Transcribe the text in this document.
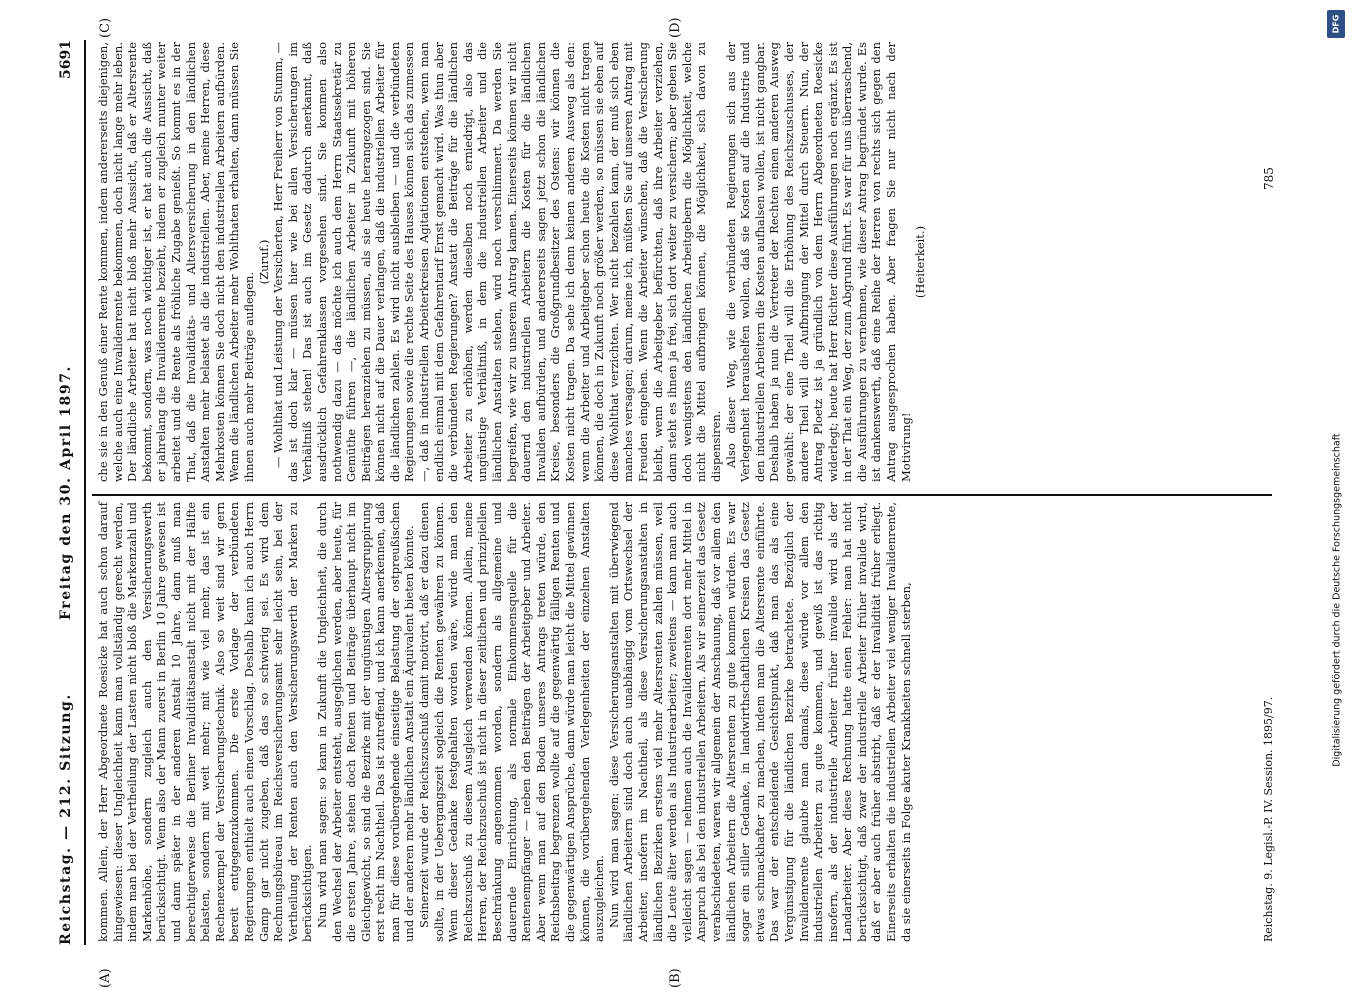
Reichstag. — 212. Sitzung.
Freitag den 30. April 1897.
5691
(A)	(B)
(C)	(D)

kommen. Allein, der Herr Abgeordnete Roesicke hat auch schon darauf hingewiesen: dieser Ungleichheit kann man vollständig gerecht werden, indem man bei der Vertheilung der Lasten nicht bloß die Markenzahl und Markenhöhe, sondern zugleich auch den Versicherungswerth berücksichtigt. Wenn also der Mann zuerst in Berlin 10 Jahre gewesen ist und dann später in der anderen Anstalt 10 Jahre, dann muß man berechtigterweise die Berliner Invaliditätsanstalt nicht mit der Hälfte belasten, sondern mit weit mehr; mit wie viel mehr, das ist ein Rechenexempel der Versicherungstechnik. Also so weit sind wir gern bereit entgegenzukommen. Die erste Vorlage der verbündeten Regierungen enthielt auch einen Vorschlag. Deshalb kann ich auch Herrn Gamp gar nicht zugeben, daß das so schwierig sei. Es wird dem Rechnungsbüreau im Reichsversicherungsamt sehr leicht sein, bei der Vertheilung der Renten auch den Versicherungswerth der Marken zu berücksichtigen. Nun wird man sagen: so kann in Zukunft die Ungleichheit, die durch den Wechsel der Arbeiter entsteht, ausgeglichen werden, aber heute, für die ersten Jahre, stehen doch Renten und Beiträge überhaupt nicht im Gleichgewicht, so sind die Bezirke mit der ungünstigen Altersgruppirung erst recht im Nachtheil. Das ist zutreffend, und ich kann anerkennen, daß man für diese vorübergehende einseitige Belastung der ostpreußischen und der anderen mehr ländlichen Anstalt ein Äquivalent bieten könnte. Seinerzeit wurde der Reichszuschuß damit motivirt, daß er dazu dienen sollte, in der Uebergangszeit sogleich die Renten gewähren zu können. Wenn dieser Gedanke festgehalten worden wäre, würde man den Reichszuschuß zu diesem Ausgleich verwenden können. Allein, meine Herren, der Reichszuschuß ist nicht in dieser zeitlichen und prinzipiellen Beschränkung angenommen worden, sondern als allgemeine und dauernde Einrichtung, als normale Einkommensquelle für die Rentenempfänger — neben den Beiträgen der Arbeitgeber und Arbeiter. Aber wenn man auf den Boden unseres Antrags treten würde, den Reichsbeitrag begrenzen wollte auf die gegenwärtig fälligen Renten und die gegenwärtigen Ansprüche, dann würde man leicht die Mittel gewinnen können, die vorübergehenden Verlegenheiten der einzelnen Anstalten auszugleichen. Nun wird man sagen: diese Versicherungsanstalten mit überwiegend ländlichen Arbeitern sind doch auch unabhängig vom Ortswechsel der Arbeiter, insofern im Nachtheil, als diese Versicherungsanstalten in ländlichen Bezirken erstens viel mehr Altersrenten zahlen müssen, weil die Leute älter werden als Industriearbeiter; zweitens — kann man auch vielleicht sagen — nehmen auch die Invalidenrenten dort mehr Mittel in Anspruch als bei den industriellen Arbeitern. Als wir seinerzeit das Gesetz verabschiedeten, waren wir allgemein der Anschauung, daß vor allem den ländlichen Arbeitern die Altersrenten zu gute kommen würden. Es war sogar ein stiller Gedanke, in landwirthschaftlichen Kreisen das Gesetz etwas schmackhafter zu machen, indem man die Altersrente einführte. Das war der entscheidende Gesichtspunkt, daß man das als eine Vergünstigung für die ländlichen Bezirke betrachtete. Bezüglich der Invalidenrente glaubte man damals, diese würde vor allem den industriellen Arbeitern zu gute kommen, und gewiß ist das richtig insofern, als der industrielle Arbeiter früher invalide wird als der Landarbeiter. Aber diese Rechnung hatte einen Fehler: man hat nicht berücksichtigt, daß zwar der industrielle Arbeiter früher invalide wird, daß er aber auch früher abstirbt, daß er der Invalidität früher erliegt. Einerseits erhalten die industriellen Arbeiter viel weniger Invalidenrente, da sie einerseits in Folge akuter Krankheiten schnell sterben,

che sie in den Genuß einer Rente kommen, indem andererseits diejenigen, welche auch eine Invalidenrente bekommen, doch nicht lange mehr leben. Der ländliche Arbeiter hat nicht bloß mehr Aussicht, daß er Altersrente bekommt, sondern, was noch wichtiger ist, er hat auch die Aussicht, daß er jahrelang die Invalidenrente bezieht, indem er zugleich munter weiter arbeitet und die Rente als fröhliche Zugabe genießt. So kommt es in der That, daß die Invaliditäts- und Altersversicherung in den ländlichen Anstalten mehr belastet als die industriellen. Aber, meine Herren, diese Mehrkosten können Sie doch nicht den industriellen Arbeitern aufbürden. Wenn die ländlichen Arbeiter mehr Wohlthaten erhalten, dann müssen Sie ihnen auch mehr Beiträge auflegen.

(Zuruf.) — Wohlthat und Leistung der Versicherten, Herr Freiherr von Stumm, — das ist doch klar — müssen hier wie bei allen Versicherungen im Verhältniß stehen! Das ist auch im Gesetz dadurch anerkannt, daß ausdrücklich Gefahrenklassen vorgesehen sind. Sie kommen also nothwendig dazu — das möchte ich auch dem Herrn Staatssekretär zu Gemüthe führen —, die ländlichen Arbeiter in Zukunft mit höheren Beiträgen heranziehen zu müssen, als sie heute herangezogen sind. Sie können nicht auf die Dauer verlangen, daß die industriellen Arbeiter für die ländlichen zahlen. Es wird nicht ausbleiben — und die verbündeten Regierungen sowie die rechte Seite des Hauses können sich das zumessen —, daß in industriellen Arbeiterkreisen Agitationen entstehen, wenn man endlich einmal mit dem Gefahrentarif Ernst gemacht wird. Was thun aber die verbündeten Regierungen? Anstatt die Beiträge für die ländlichen Arbeiter zu erhöhen, werden dieselben noch erniedrigt, also das ungünstige Verhältniß, in dem die industriellen Arbeiter und die ländlichen Anstalten stehen, wird noch verschlimmert. Da werden Sie begreifen, wie wir zu unserem Antrag kamen. Einerseits können wir nicht dauernd den industriellen Arbeitern die Kosten für die ländlichen Invaliden aufbürden, und andererseits sagen jetzt schon die ländlichen Kreise, besonders die Großgrundbesitzer des Ostens: wir können die Kosten nicht tragen. Da sehe ich denn keinen anderen Ausweg als den: wenn die Arbeiter und Arbeitgeber schon heute die Kosten nicht tragen können, die doch in Zukunft noch größer werden, so müssen sie eben auf diese Wohlthat verzichten. Wer nicht bezahlen kann, der muß sich eben manches versagen; darum, meine ich, müßten Sie auf unseren Antrag mit Freuden eingehen. Wenn die Arbeiter wünschen, daß die Versicherung bleibt, wenn die Arbeitgeber befürchten, daß ihre Arbeiter verziehen, dann steht es ihnen ja frei, sich dort weiter zu versichern; aber geben Sie doch wenigstens den ländlichen Arbeitgebern die Möglichkeit, welche nicht die Mittel aufbringen können, die Möglichkeit, sich davon zu dispensiren. Also dieser Weg, wie die verbündeten Regierungen sich aus der Verlegenheit heraushelfen wollen, daß sie Kosten auf die Industrie und den industriellen Arbeitern die Kosten aufhalsen wollen, ist nicht gangbar. Deshalb haben ja nun die Vertreter der Rechten einen anderen Ausweg gewählt: der eine Theil will die Erhöhung des Reichszuschusses, der andere Theil will die Aufbringung der Mittel durch Steuern. Nun, der Antrag Ploetz ist ja gründlich von dem Herrn Abgeordneten Roesicke widerlegt; heute hat Herr Richter diese Ausführungen noch ergänzt. Es ist in der That ein Weg, der zum Abgrund führt. Es war für uns überraschend, die Ausführungen zu vernehmen, wie dieser Antrag begründet wurde. Es ist dankenswerth, daß eine Reihe der Herren von rechts sich gegen den Antrag ausgesprochen haben. Aber fragen Sie nur nicht nach der Motivirung!

(Heiterkeit.)

Reichstag. 9. Legisl.-P. IV. Session. 1895/97.
785
DFG
Digitalisierung gefördert durch die Deutsche Forschungsgemeinschaft
